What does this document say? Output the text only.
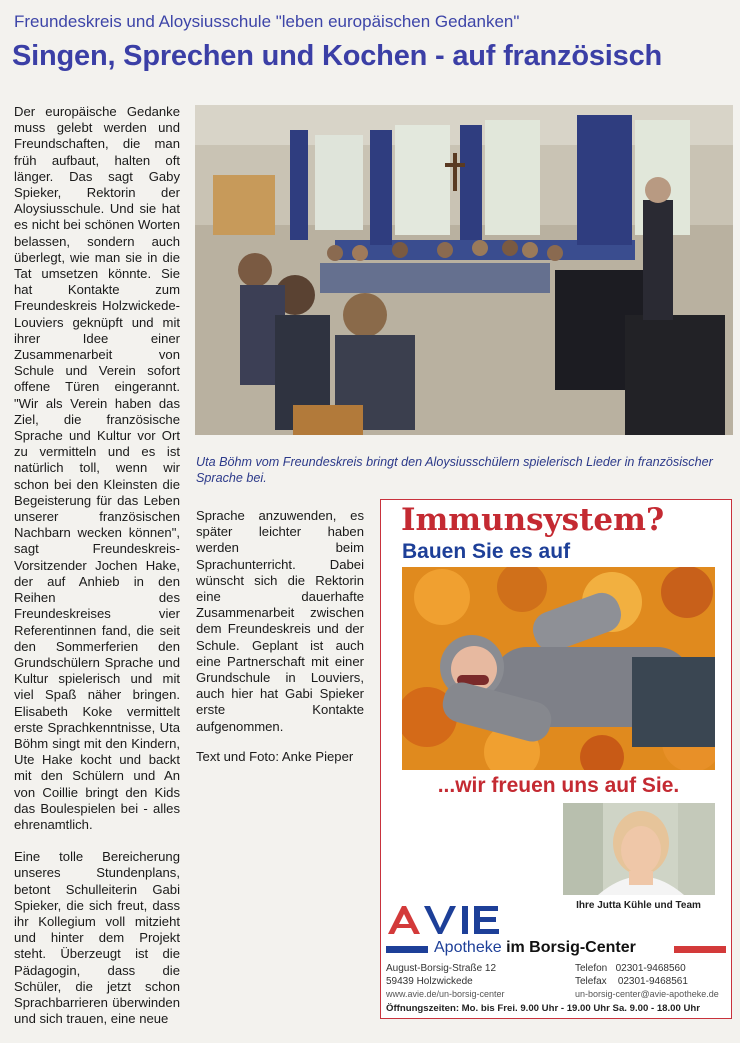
Freundeskreis und Aloysiusschule "leben europäischen Gedanken"
Singen, Sprechen und Kochen - auf französisch

Der europäische Gedanke muss gelebt werden und Freundschaften, die man früh aufbaut, halten oft länger. Das sagt Gaby Spieker, Rektorin der Aloysiusschule. Und sie hat es nicht bei schönen Worten belassen, sondern auch überlegt, wie man sie in die Tat umsetzen könnte. Sie hat Kontakte zum Freundeskreis Holzwickede-Louviers geknüpft und mit ihrer Idee einer Zusammenarbeit von Schule und Verein sofort offene Türen eingerannt. "Wir als Verein haben das Ziel, die französische Sprache und Kultur vor Ort zu vermitteln und es ist natürlich toll, wenn wir schon bei den Kleinsten die Begeisterung für das Leben unserer französischen Nachbarn wecken können", sagt Freundeskreis-Vorsitzender Jochen Hake, der auf Anhieb in den Reihen des Freundeskreises vier Referentinnen fand, die seit den Sommerferien den Grundschülern Sprache und Kultur spielerisch und mit viel Spaß näher bringen. Elisabeth Koke vermittelt erste Sprachkenntnisse, Uta Böhm singt mit den Kindern, Ute Hake kocht und backt mit den Schülern und An von Coillie bringt den Kids das Boulespielen bei - alles ehrenamtlich.

Eine tolle Bereicherung unseres Stundenplans, betont Schulleiterin Gabi Spieker, die sich freut, dass ihr Kollegium voll mitzieht und hinter dem Projekt steht. Überzeugt ist die Pädagogin, dass die Schüler, die jetzt schon Sprachbarrieren überwinden und sich trauen, eine neue

Uta Böhm vom Freundeskreis bringt den Aloysiusschülern spielerisch Lieder in französischer Sprache bei.

Sprache anzuwenden, es später leichter haben werden beim Sprachunterricht. Dabei wünscht sich die Rektorin eine dauerhafte Zusammenarbeit zwischen dem Freundeskreis und der Schule. Geplant ist auch eine Partnerschaft mit einer Grundschule in Louviers, auch hier hat Gabi Spieker erste Kontakte aufgenommen.

Text und Foto: Anke Pieper

Immunsystem?
Bauen Sie es auf
...wir freuen uns auf Sie.
Ihre Jutta Kühle und Team
Apotheke im Borsig-Center
August-Borsig-Straße 12
59439 Holzwickede
Telefon 02301-9468560
Telefax 02301-9468561
www.avie.de/un-borsig-center	un-borsig-center@avie-apotheke.de
Öffnungszeiten: Mo. bis Frei. 9.00 Uhr - 19.00 Uhr Sa. 9.00 - 18.00 Uhr
